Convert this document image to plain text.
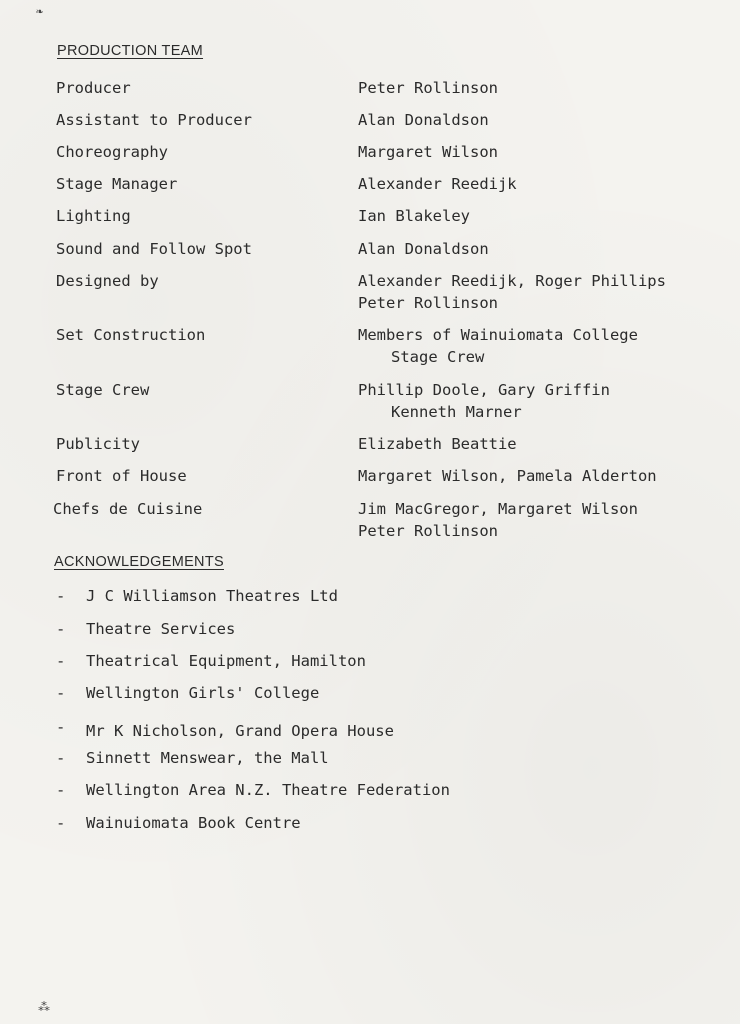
❧
⁂
PRODUCTION TEAM
Producer	Peter Rollinson
Assistant to Producer	Alan Donaldson
Choreography	Margaret Wilson
Stage Manager	Alexander Reedijk
Lighting	Ian Blakeley
Sound and Follow Spot	Alan Donaldson
Designed by	Alexander Reedijk, Roger Phillips
Peter Rollinson
Set Construction	Members of Wainuiomata College
Stage Crew
Stage Crew	Phillip Doole, Gary Griffin
Kenneth Marner
Publicity	Elizabeth Beattie
Front of House	Margaret Wilson, Pamela Alderton
Chefs de Cuisine	Jim MacGregor, Margaret Wilson
Peter Rollinson
ACKNOWLEDGEMENTS
- J C Williamson Theatres Ltd
- Theatre Services
- Theatrical Equipment, Hamilton
- Wellington Girls' College
- Mr K Nicholson, Grand Opera House
- Sinnett Menswear, the Mall
- Wellington Area N.Z. Theatre Federation
- Wainuiomata Book Centre
